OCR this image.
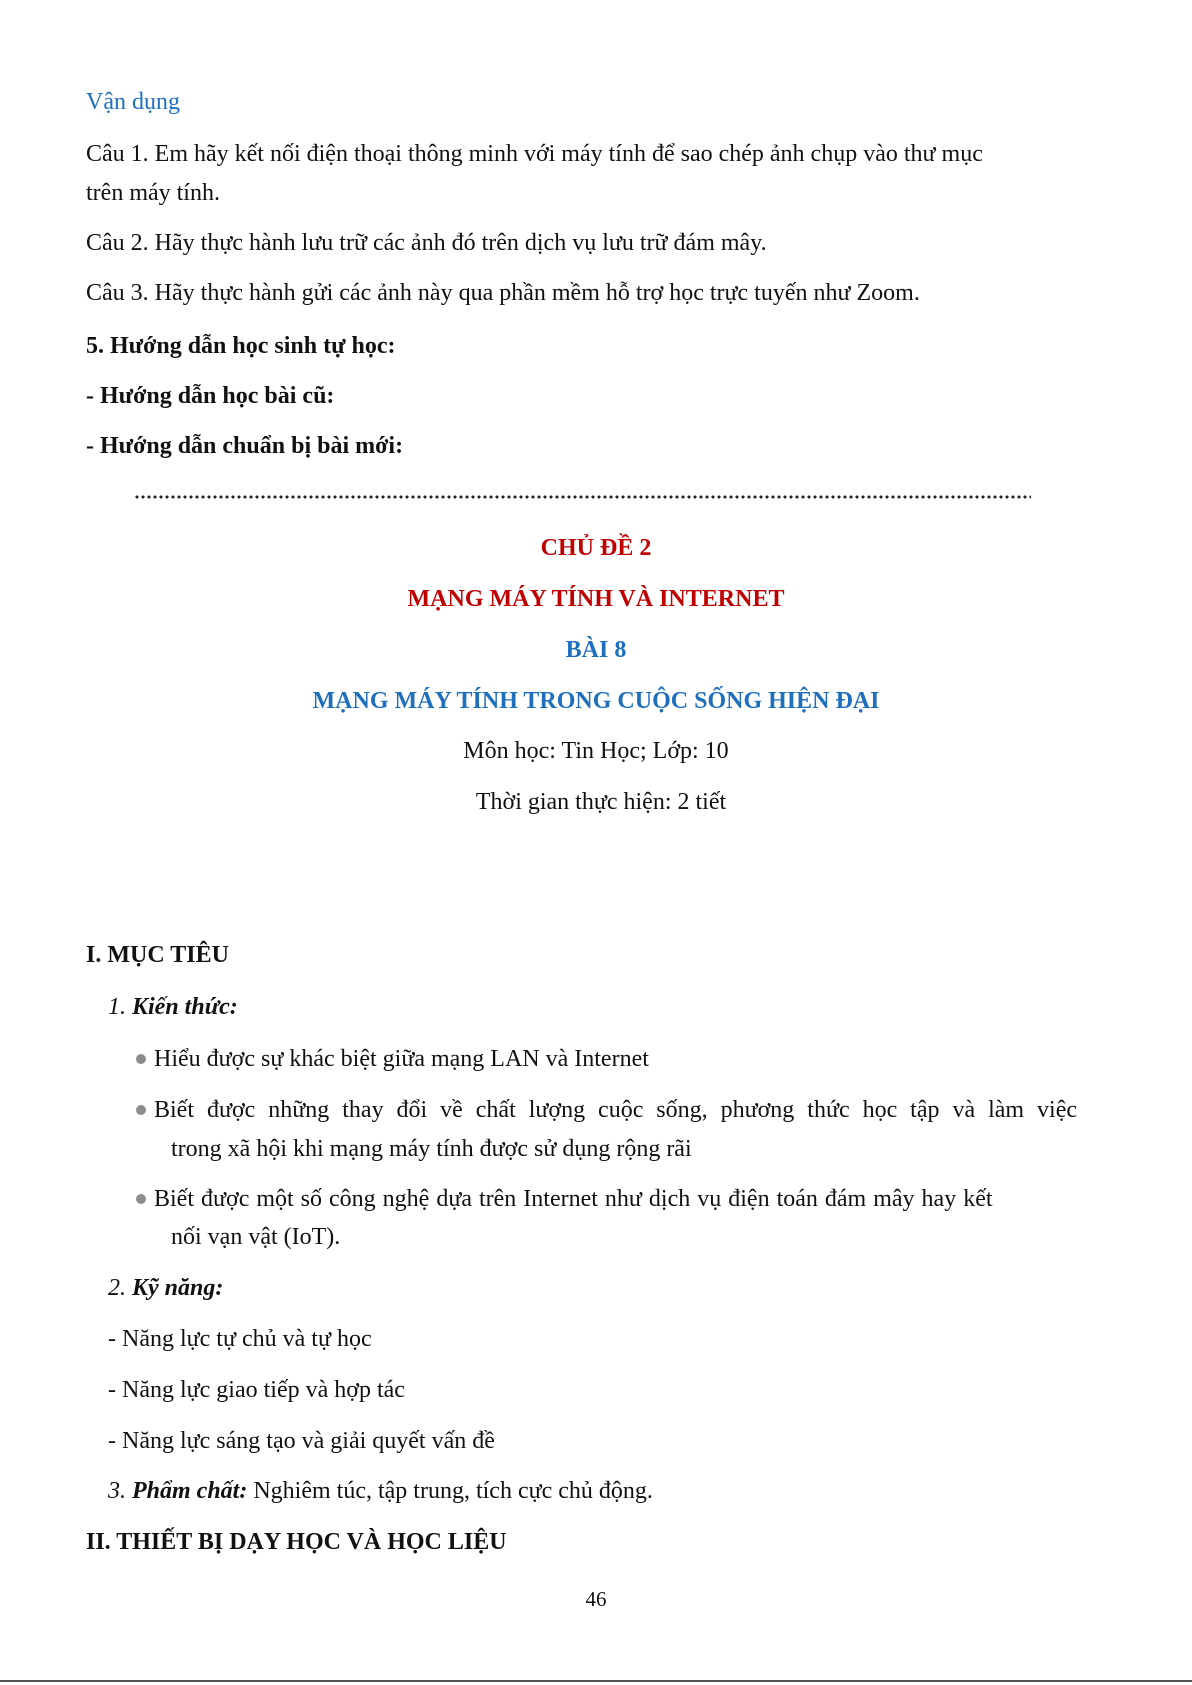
Vận dụng
Câu 1. Em hãy kết nối điện thoại thông minh với máy tính để sao chép ảnh chụp vào thư mục
trên máy tính.
Câu 2. Hãy thực hành lưu trữ các ảnh đó trên dịch vụ lưu trữ đám mây.
Câu 3. Hãy thực hành gửi các ảnh này qua phần mềm hỗ trợ học trực tuyến như Zoom.
5. Hướng dẫn học sinh tự học:
- Hướng dẫn học bài cũ:
- Hướng dẫn chuẩn bị bài mới:
CHỦ ĐỀ 2
MẠNG MÁY TÍNH VÀ INTERNET
BÀI 8
MẠNG MÁY TÍNH TRONG CUỘC SỐNG HIỆN ĐẠI
Môn học: Tin Học; Lớp: 10
Thời gian thực hiện: 2 tiết
I. MỤC TIÊU
1. Kiến thức:
Hiểu được sự khác biệt giữa mạng LAN và Internet
Biết được những thay đổi về chất lượng cuộc sống, phương thức học tập và làm việc
trong xã hội khi mạng máy tính được sử dụng rộng rãi
Biết được một số công nghệ dựa trên Internet như dịch vụ điện toán đám mây hay kết
nối vạn vật (IoT).
2. Kỹ năng:
- Năng lực tự chủ và tự học
- Năng lực giao tiếp và hợp tác
- Năng lực sáng tạo và giải quyết vấn đề
3. Phẩm chất: Nghiêm túc, tập trung, tích cực chủ động.
II. THIẾT BỊ DẠY HỌC VÀ HỌC LIỆU
46
